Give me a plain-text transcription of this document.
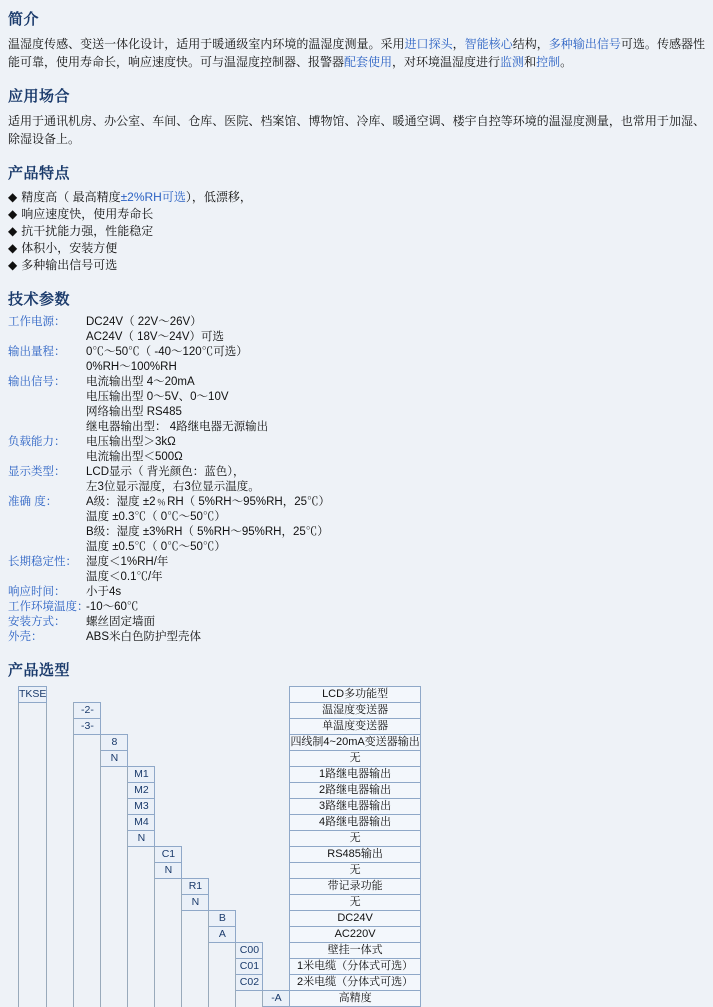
简介

温湿度传感、变送一体化设计，适用于暖通级室内环境的温湿度测量。采用进口探头，智能核心结构，多种输出信号可选。传感器性能可靠，使用寿命长，响应速度快。可与温湿度控制器、报警器配套使用，对环境温湿度进行监测和控制。

应用场合

适用于通讯机房、办公室、车间、仓库、医院、档案馆、博物馆、冷库、暖通空调、楼宇自控等环境的温湿度测量，也常用于加湿、除湿设备上。

产品特点
◆ 精度高（ 最高精度±2%RH可选），低漂移，
◆ 响应速度快，使用寿命长
◆ 抗干扰能力强，性能稳定
◆ 体积小，安装方便
◆ 多种输出信号可选
技术参数
工作电源：	DC24V（ 22V～26V）
AC24V（ 18V～24V）可选
输出量程：	0℃～50℃（ -40～120℃可选）
0%RH～100%RH
输出信号：	电流输出型 4～20mA
电压输出型 0～5V、0～10V
网络输出型 RS485
继电器输出型： 4路继电器无源输出
负载能力：	电压输出型＞3kΩ
电流输出型＜500Ω
显示类型：	LCD显示（ 背光颜色：蓝色），
左3位显示湿度，右3位显示温度。
准确 度：	A级：湿度 ±2﹪RH（ 5%RH～95%RH，25℃）
温度 ±0.3℃（ 0℃～50℃）
B级：湿度 ±3%RH（ 5%RH～95%RH，25℃）
温度 ±0.5℃（ 0℃～50℃）
长期稳定性： 湿度＜1%RH/年
温度＜0.1℃/年
响应时间：	小于4s
工作环境温度：
-10～60℃
安装方式：	螺丝固定墙面
外壳：	ABS米白色防护型壳体
产品选型
TKSE										LCD多功能型
		-2-								温湿度变送器
		-3-								单温度变送器
			8							四线制4~20mA变送器输出
			N							无
				M1						1路继电器输出
				M2						2路继电器输出
				M3						3路继电器输出
				M4						4路继电器输出
				N						无
					C1					RS485输出
					N					无
						R1				带记录功能
						N				无
							B			DC24V
							A			AC220V
								C00		壁挂一体式
								C01		1米电缆（分体式可选）
								C02		2米电缆（分体式可选）
									-A	高精度
